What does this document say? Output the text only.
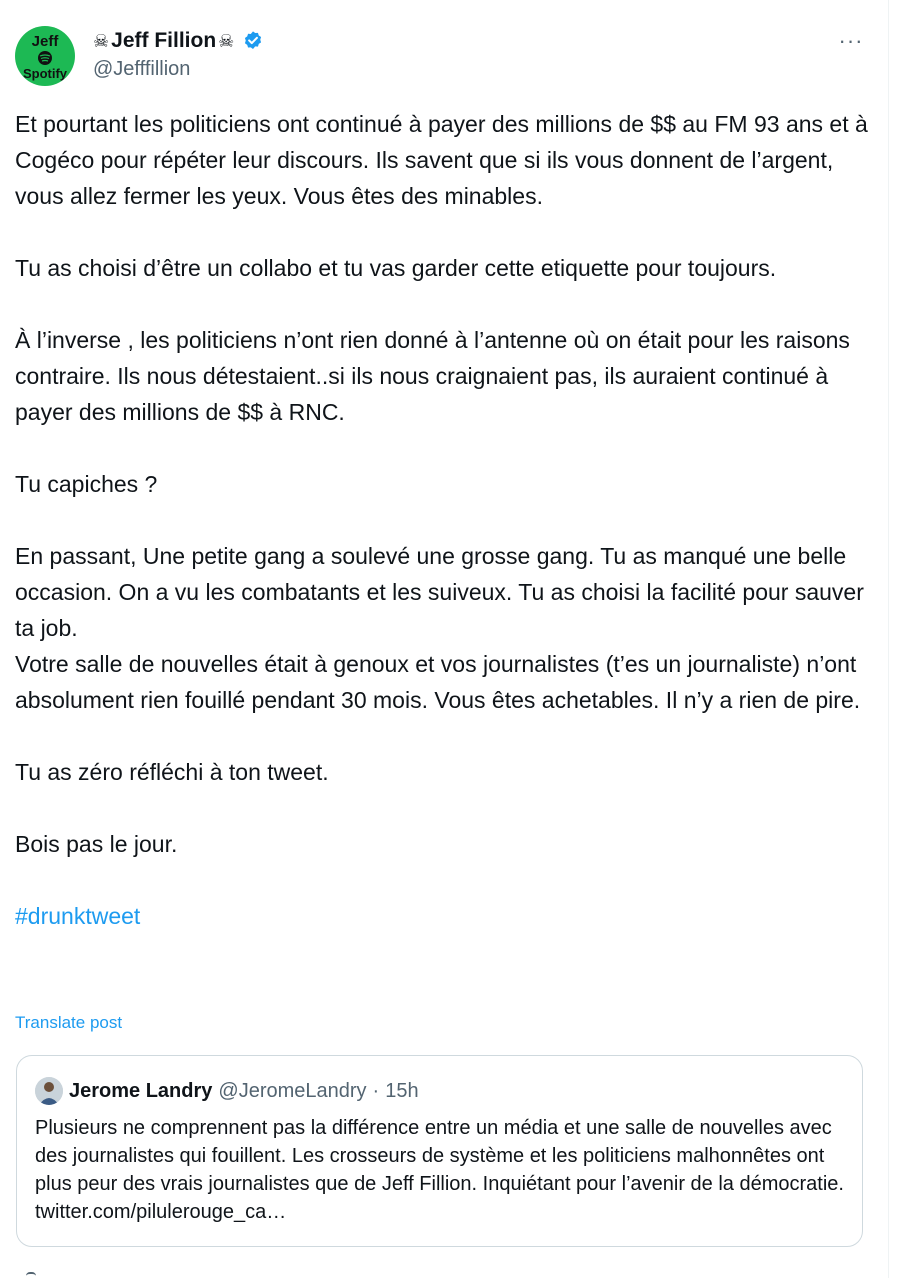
Jeff
Spotify
☠ Jeff Fillion ☠
@Jefffillion
···

Et pourtant les politiciens ont continué à payer des millions de $$ au FM 93 ans et à Cogéco pour répéter leur discours. Ils savent que si ils vous donnent de l’argent, vous allez fermer les yeux. Vous êtes des minables.

Tu as choisi d’être un collabo et tu vas garder cette etiquette pour toujours.

À l’inverse , les politiciens n’ont rien donné à l’antenne où on était pour les raisons contraire. Ils nous détestaient..si ils nous craignaient pas, ils auraient continué à payer des millions de $$ à RNC.

Tu capiches ?

En passant, Une petite gang a soulevé une grosse gang. Tu as manqué une belle occasion. On a vu les combatants et les suiveux. Tu as choisi la facilité pour sauver ta job.

Votre salle de nouvelles était à genoux et vos journalistes (t’es un journaliste) n’ont absolument rien fouillé pendant 30 mois. Vous êtes achetables. Il n’y a rien de pire.

Tu as zéro réfléchi à ton tweet.

Bois pas le jour.

#drunktweet

Translate post
Jerome Landry @JeromeLandry · 15h
Plusieurs ne comprennent pas la différence entre un média et une salle de nouvelles avec des journalistes qui fouillent. Les crosseurs de système et les politiciens malhonnêtes ont plus peur des vrais journalistes que de Jeff Fillion. Inquiétant pour l’avenir de la démocratie. twitter.com/pilulerouge_ca…
